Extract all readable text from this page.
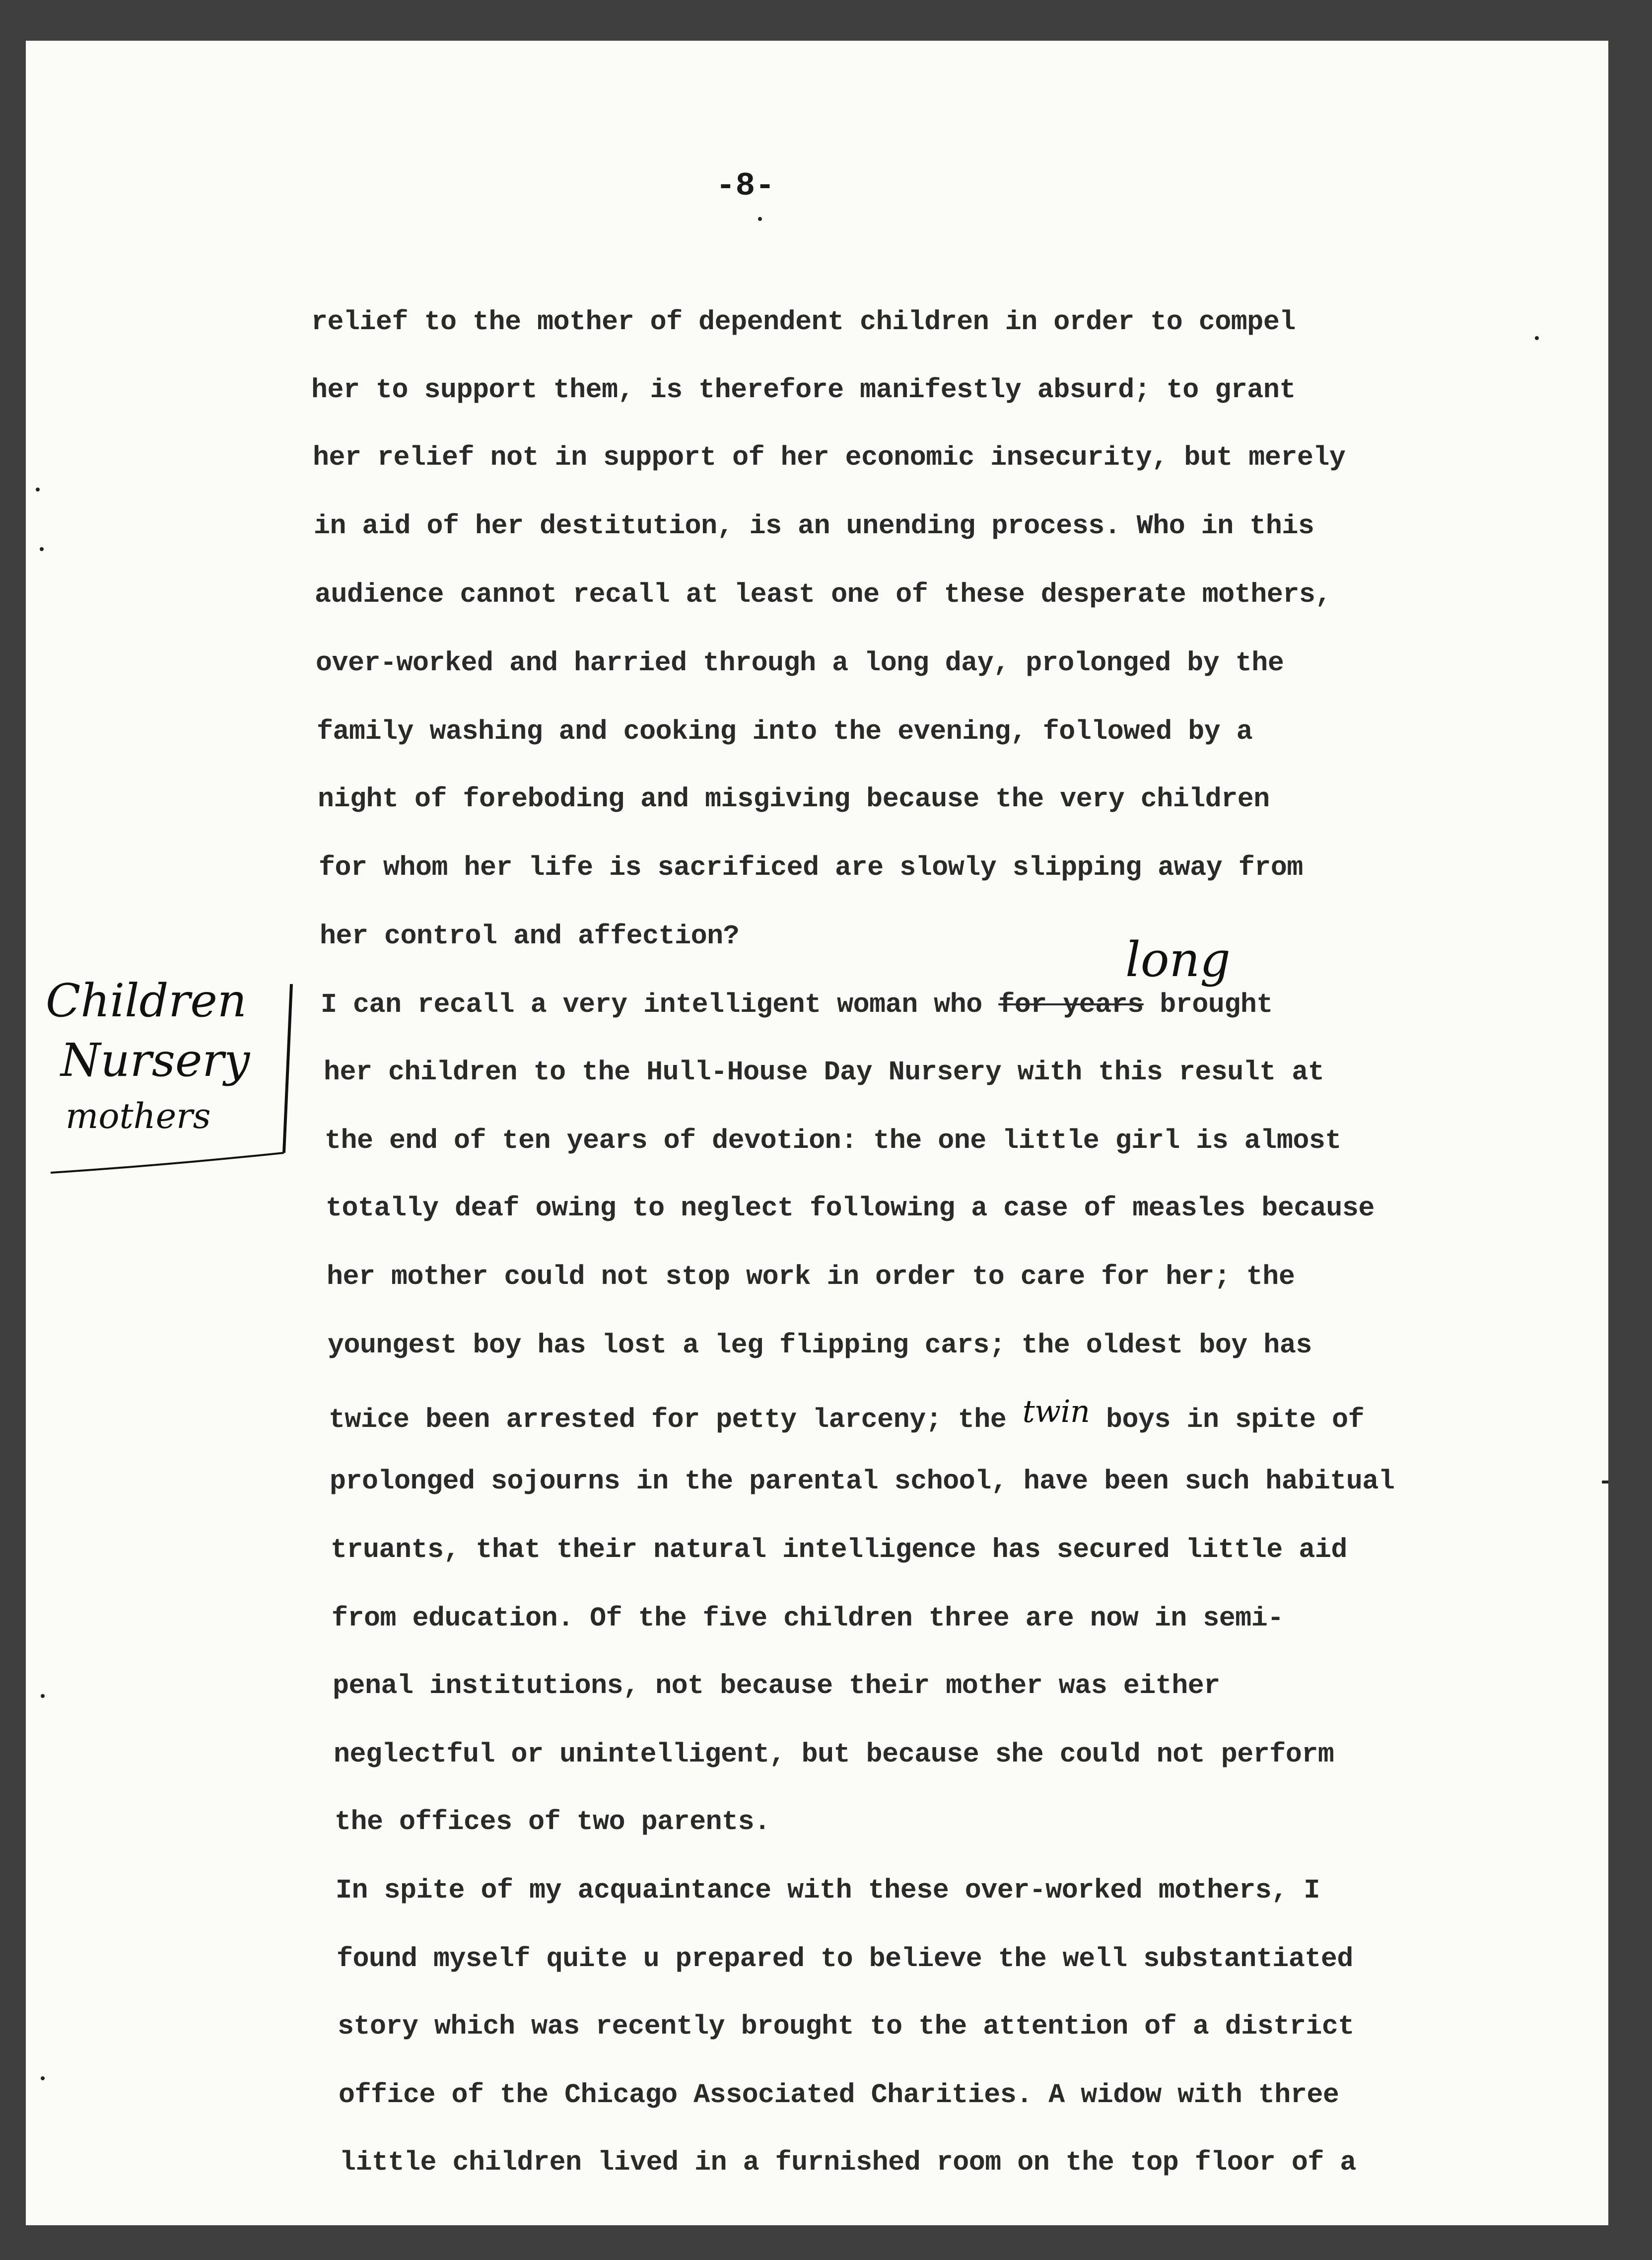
-8-
relief to the mother of dependent children in order to compel
her to support them, is therefore manifestly absurd; to grant
her relief not in support of her economic insecurity, but merely
in aid of her destitution, is an unending process. Who in this
audience cannot recall at least one of these desperate mothers,
over-worked and harried through a long day, prolonged by the
family washing and cooking into the evening, followed by a
night of foreboding and misgiving because the very children
for whom her life is sacrificed are slowly slipping away from
her control and affection?
I can recall a very intelligent woman who for years brought
long
her children to the Hull-House Day Nursery with this result at
the end of ten years of devotion: the one little girl is almost
totally deaf owing to neglect following a case of measles because
her mother could not stop work in order to care for her; the
youngest boy has lost a leg flipping cars; the oldest boy has
twice been arrested for petty larceny; the twin boys in spite of
prolonged sojourns in the parental school, have been such habitual
truants, that their natural intelligence has secured little aid
from education. Of the five children three are now in semi-
penal institutions, not because their mother was either
neglectful or unintelligent, but because she could not perform
the offices of two parents.
In spite of my acquaintance with these over-worked mothers, I
found myself quite u prepared to believe the well substantiated
story which was recently brought to the attention of a district
office of the Chicago Associated Charities. A widow with three
little children lived in a furnished room on the top floor of a
Children
Nursery
mothers
